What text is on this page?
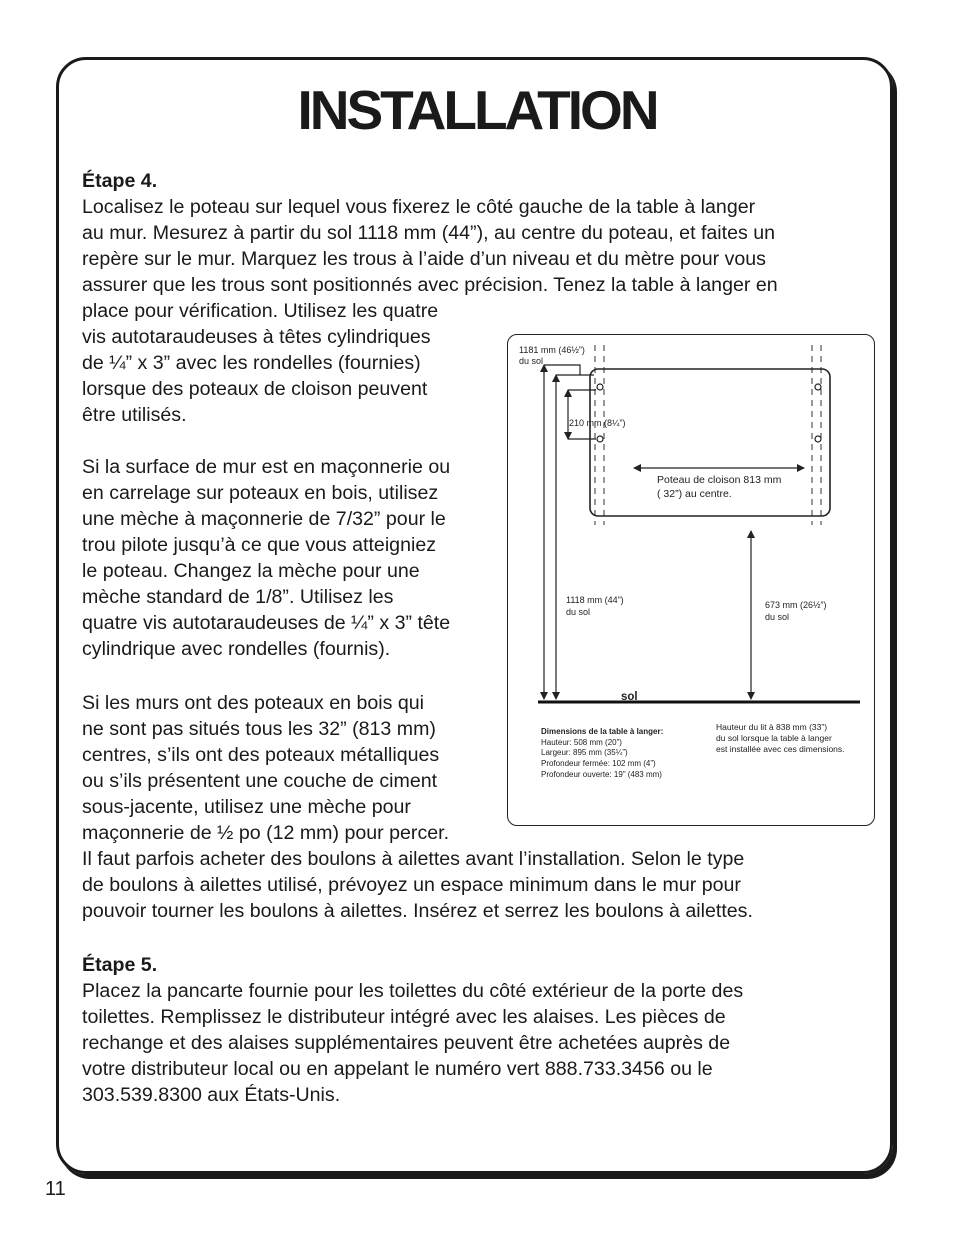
INSTALLATION
Étape 4.
Localisez le poteau sur lequel vous fixerez le côté gauche de la table à langer
au mur. Mesurez à partir du sol 1118 mm (44”), au centre du poteau, et faites un
repère sur le mur. Marquez les trous à l’aide d’un niveau et du mètre pour vous
assurer que les trous sont positionnés avec précision. Tenez la table à langer en
place pour vérification. Utilisez les quatre
vis autotaraudeuses à têtes cylindriques
de ¼” x 3” avec les rondelles (fournies)
lorsque des poteaux de cloison peuvent
être utilisés.
Si la surface de mur est en maçonnerie ou
en carrelage sur poteaux en bois, utilisez
une mèche à maçonnerie de 7/32” pour le
trou pilote jusqu’à ce que vous atteigniez
le poteau. Changez la mèche pour une
mèche standard de 1/8”. Utilisez les
quatre vis autotaraudeuses de ¼” x 3” tête
cylindrique avec rondelles (fournis).
Si les murs ont des poteaux en bois qui
ne sont pas situés tous les 32” (813 mm)
centres, s’ils ont des poteaux métalliques
ou s’ils présentent une couche de ciment
sous-jacente, utilisez une mèche pour
maçonnerie de ½ po (12 mm) pour percer.
Il faut parfois acheter des boulons à ailettes avant l’installation. Selon le type
de boulons à ailettes utilisé, prévoyez un espace minimum dans le mur pour
pouvoir tourner les boulons à ailettes. Insérez et serrez les boulons à ailettes.
Étape 5.
Placez la pancarte fournie pour les toilettes du côté extérieur de la porte des
toilettes. Remplissez le distributeur intégré avec les alaises. Les pièces de
rechange et des alaises supplémentaires peuvent être achetées auprès de
votre distributeur local ou en appelant le numéro vert 888.733.3456 ou le
303.539.8300 aux États-Unis.
1181 mm (46½”)
du sol
210 mm (8¼”)
Poteau de cloison 813 mm
( 32”) au centre.
1118 mm (44”)
du sol
673 mm (26½”)
du sol
sol
Dimensions de la table à langer:
Hauteur: 508 mm (20”)
Largeur: 895 mm (35¼”)
Profondeur fermée: 102 mm (4”)
Profondeur ouverte: 19” (483 mm)
Hauteur du lit à 838 mm (33”)
du sol lorsque la table à langer
est installée avec ces dimensions.
11
